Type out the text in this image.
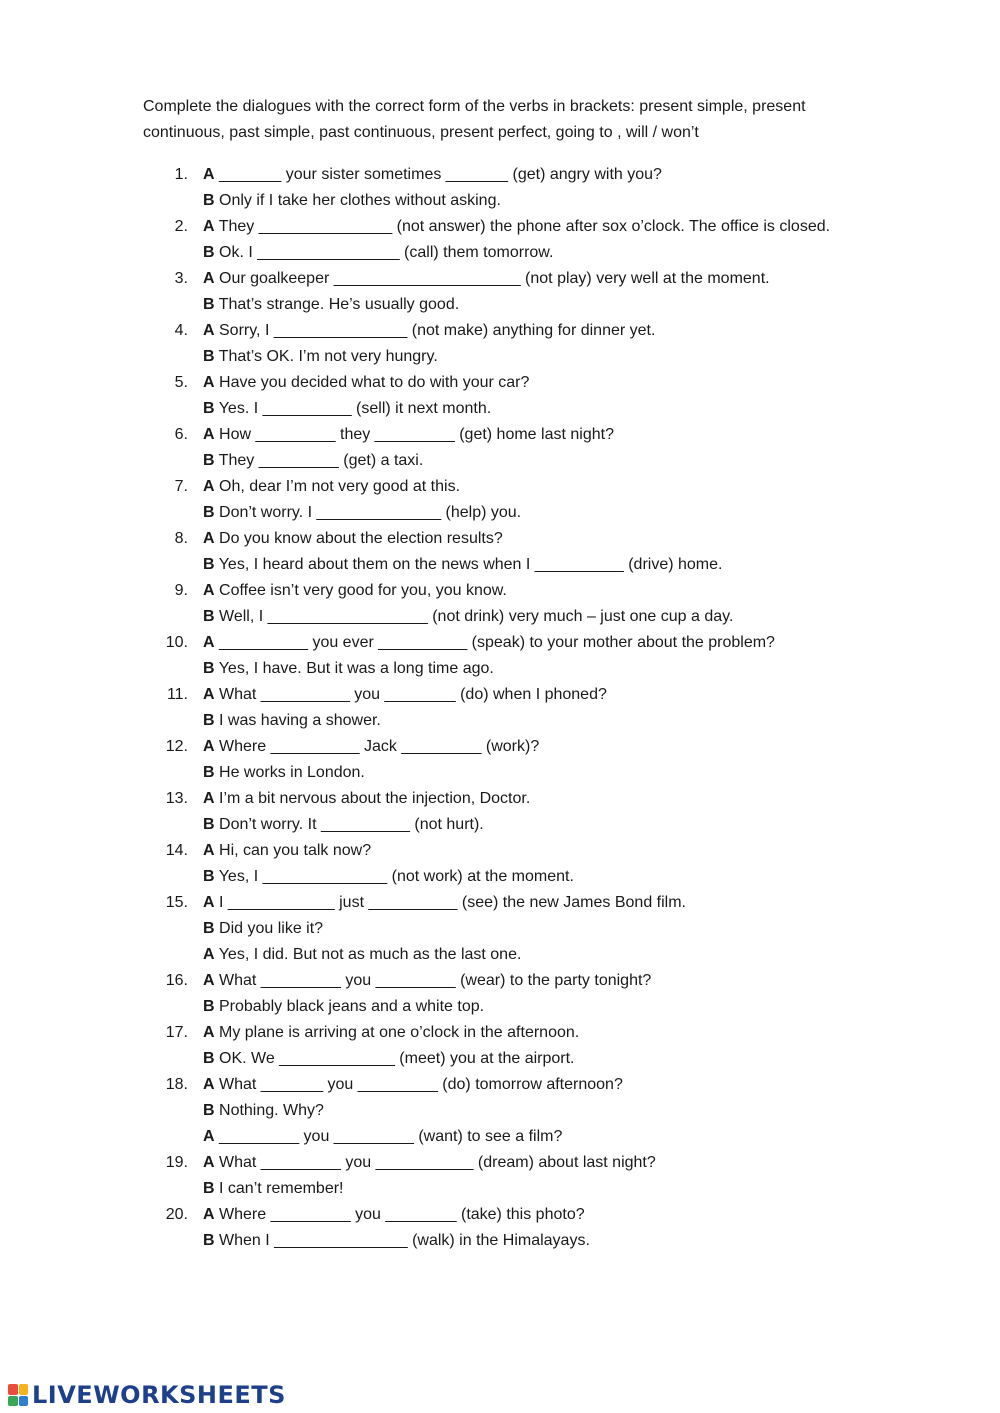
Complete the dialogues with the correct form of the verbs in brackets: present simple, present continuous, past simple, past continuous, present perfect, going to , will / won’t
1. A _______ your sister sometimes _______ (get) angry with you?
B Only if I take her clothes without asking.
2. A They _______________ (not answer) the phone after sox o’clock. The office is closed.
B Ok. I ________________ (call) them tomorrow.
3. A Our goalkeeper _____________________ (not play) very well at the moment.
B That’s strange. He’s usually good.
4. A Sorry, I _______________ (not make) anything for dinner yet.
B That’s OK. I’m not very hungry.
5. A Have you decided what to do with your car?
B Yes. I __________ (sell) it next month.
6. A How _________ they _________ (get) home last night?
B They _________ (get) a taxi.
7. A Oh, dear I’m not very good at this.
B Don’t worry. I ______________ (help) you.
8. A Do you know about the election results?
B Yes, I heard about them on the news when I __________ (drive) home.
9. A Coffee isn’t very good for you, you know.
B Well, I __________________ (not drink) very much – just one cup a day.
10. A __________ you ever __________ (speak) to your mother about the problem?
B Yes, I have. But it was a long time ago.
11. A What __________ you ________ (do) when I phoned?
B I was having a shower.
12. A Where __________ Jack _________ (work)?
B He works in London.
13. A I’m a bit nervous about the injection, Doctor.
B Don’t worry. It __________ (not hurt).
14. A Hi, can you talk now?
B Yes, I ______________ (not work) at the moment.
15. A I ____________ just __________ (see) the new James Bond film.
B Did you like it?
A Yes, I did. But not as much as the last one.
16. A What _________ you _________ (wear) to the party tonight?
B Probably black jeans and a white top.
17. A My plane is arriving at one o’clock in the afternoon.
B OK. We _____________ (meet) you at the airport.
18. A What _______ you _________ (do) tomorrow afternoon?
B Nothing. Why?
A _________ you _________ (want) to see a film?
19. A What _________ you ___________ (dream) about last night?
B I can’t remember!
20. A Where _________ you ________ (take) this photo?
B When I _______________ (walk) in the Himalayays.
LIVEWORKSHEETS
